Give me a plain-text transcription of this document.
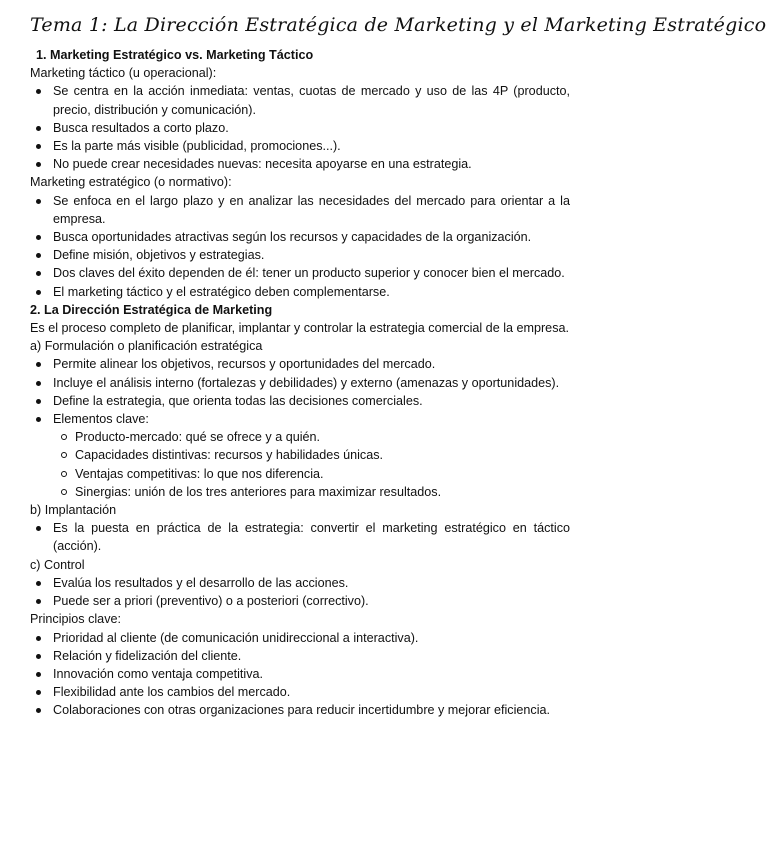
Tema 1: La Dirección Estratégica de Marketing y el Marketing Estratégico
1. Marketing Estratégico vs. Marketing Táctico
Marketing táctico (u operacional):
Se centra en la acción inmediata: ventas, cuotas de mercado y uso de las 4P (producto, precio, distribución y comunicación).
Busca resultados a corto plazo.
Es la parte más visible (publicidad, promociones...).
No puede crear necesidades nuevas: necesita apoyarse en una estrategia.
Marketing estratégico (o normativo):
Se enfoca en el largo plazo y en analizar las necesidades del mercado para orientar a la empresa.
Busca oportunidades atractivas según los recursos y capacidades de la organización.
Define misión, objetivos y estrategias.
Dos claves del éxito dependen de él: tener un producto superior y conocer bien el mercado.
El marketing táctico y el estratégico deben complementarse.
2. La Dirección Estratégica de Marketing
Es el proceso completo de planificar, implantar y controlar la estrategia comercial de la empresa.
a) Formulación o planificación estratégica
Permite alinear los objetivos, recursos y oportunidades del mercado.
Incluye el análisis interno (fortalezas y debilidades) y externo (amenazas y oportunidades).
Define la estrategia, que orienta todas las decisiones comerciales.
Elementos clave:
Producto-mercado: qué se ofrece y a quién.
Capacidades distintivas: recursos y habilidades únicas.
Ventajas competitivas: lo que nos diferencia.
Sinergias: unión de los tres anteriores para maximizar resultados.
b) Implantación
Es la puesta en práctica de la estrategia: convertir el marketing estratégico en táctico (acción).
c) Control
Evalúa los resultados y el desarrollo de las acciones.
Puede ser a priori (preventivo) o a posteriori (correctivo).
Principios clave:
Prioridad al cliente (de comunicación unidireccional a interactiva).
Relación y fidelización del cliente.
Innovación como ventaja competitiva.
Flexibilidad ante los cambios del mercado.
Colaboraciones con otras organizaciones para reducir incertidumbre y mejorar eficiencia.
